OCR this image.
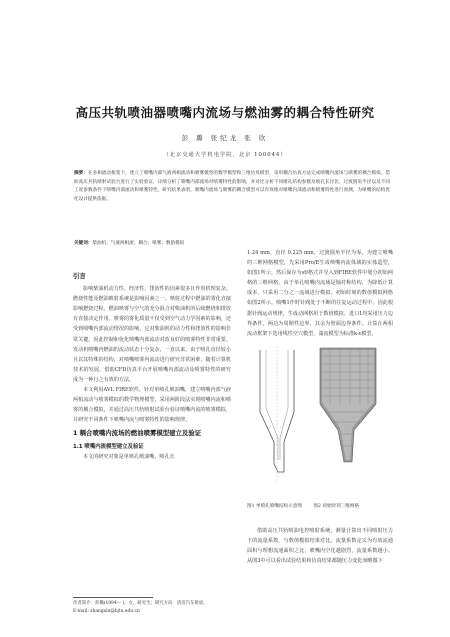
高压共轨喷油器喷嘴内流场与燃油雾的耦合特性研究
彭 璐 张纪龙 张 欣
（北京交通大学机电学院，北京 100044）

摘要：在多相流动框架下，建立了喷嘴内部气液两相流动和喷雾模型的数学模型和三维仿真模型，采用耦合仿真方法完成喷嘴内流场与喷雾的耦合模拟，借助高压共轨喷射试验台进行了实验验证，详细分析了喷嘴内部流场对喷雾特性的影响，并对比分析不同喷孔结构参数及喷孔长径比、过渡圆角半径以及不同工况参数条件下喷嘴内部流动和喷雾特性。研究结果表明，喷嘴内流场与喷雾的耦合模型可以有效地对喷嘴内部流动和喷雾特性进行预测，为喷嘴的结构优化设计提供依据。

关键词：柴油机；气液两相流；耦合；喷雾；数值模拟

引言

影响柴油机动力性、经济性、排放性的因素很多且作用机理复杂，燃烧性能及燃油喷射系统是影响因素之一。喷射过程中燃油的雾化直接影响燃烧过程，燃油喷雾与空气的充分混合对柴油机的后续燃烧和排放有直接决定作用。喷雾的雾化质量不仅受到空气动力学因素的影响，还受到喷嘴内部流动情况的影响，它对柴油机的动力性和排放性的影响非常关键，因此控制和优化喷嘴内部流动对改良好的喷雾特性非常重要。发动机喷嘴内燃油的流动状态十分复杂，一直以来，由于喷孔直径较小且以其特殊的结构，对喷嘴喷雾内流动进行研究非常困难，随着计算机技术的发展，借助CFD仿真平台开展喷嘴内部流动及喷雾特性的研究成为一种行之有效的方法。

本文利用AVL FIRE软件，针对单喷孔喷油嘴，建立喷嘴内部气液两相流动与喷雾模拟的数学物理模型，采用两阶段法实现喷嘴内流和喷雾的耦合模拟，并通过高压共轨喷射试验台验证喷嘴内流的喷雾模拟，并研究不同条件下喷嘴内流与喷雾特性的影响规律。

1 耦合喷嘴内流场的燃油喷雾模型建立及验证
1.1 喷嘴内流模型建立及验证

本文的研究对象是单喷孔喷油嘴，喷孔长

1.24 mm，直径 0.225 mm，过渡圆角半径为零。为建立喷嘴的三维网格模型，先采用Pro/E生成喷嘴内流体域的实体造型，如图1所示。然后保存为stl格式并导入到FIRE软件中划分初始网格的三维网格。由于单孔喷嘴内流域是轴对称结构，为降低计算成本，只采用二分之一流域进行模拟，初始时刻的数值模拟网格如图2所示。喷嘴1作时针阀处于不断的往复运动过程中，因此根据针阀运动规律，生成动网格用于数值模拟。进口1均采用压力边界条件，两边为周期性边界，其余为壁面边界条件。计算在两相流动框架下选用线性空穴模型，湍流模型为标准k-ε模型。

图1 单喷孔喷嘴结构示意图 图2 初始时刻三维网格

借助高压共轨喷油电控喷射系统，测量计算出不同喷射压力下的流量系数，与数值模拟结果对比。流量系数定义为有效流通面积与理想流通面积之比，喷嘴内空化越剧烈，流量系数越小。从图3中可以看出试验结果和仿真结果都随压力变化而略微下

作者简介：彭璐(1994— )，女，研究生；研究方向：清洁汽车排放。
E-mail: zhangxin@bjtu.edu.cn
